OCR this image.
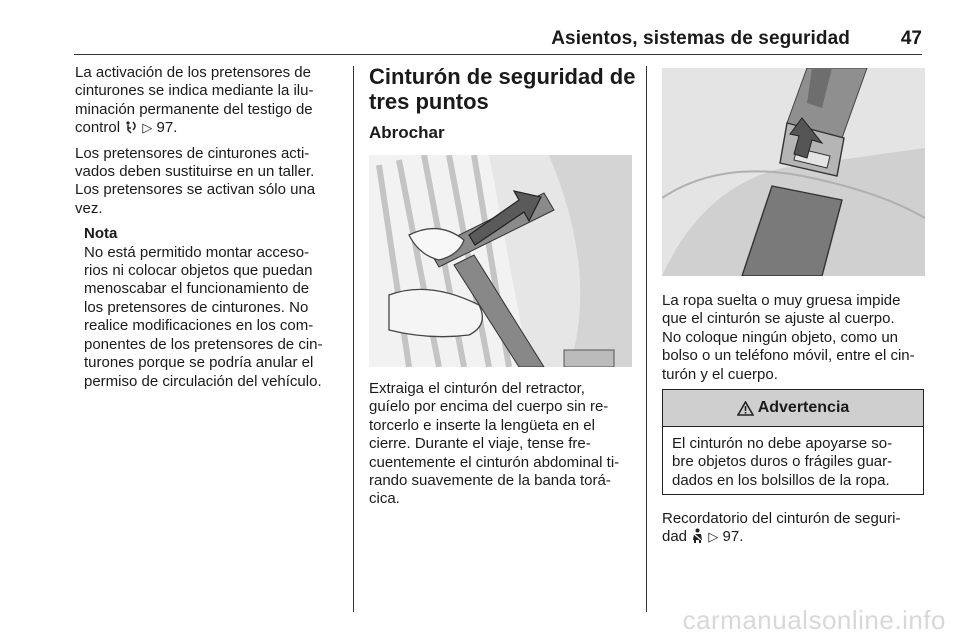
Asientos, sistemas de seguridad	47

La activación de los pretensores de
cinturones se indica mediante la ilu-
minación permanente del testigo de
control ▷ 97.

Los pretensores de cinturones acti-
vados deben sustituirse en un taller.
Los pretensores se activan sólo una
vez.

Nota
No está permitido montar acceso-
rios ni colocar objetos que puedan
menoscabar el funcionamiento de
los pretensores de cinturones. No
realice modificaciones en los com-
ponentes de los pretensores de cin-
turones porque se podría anular el
permiso de circulación del vehículo.
Cinturón de seguridad de
tres puntos
Abrochar

Extraiga el cinturón del retractor,
guíelo por encima del cuerpo sin re-
torcerlo e inserte la lengüeta en el
cierre. Durante el viaje, tense fre-
cuentemente el cinturón abdominal ti-
rando suavemente de la banda torá-
cica.

La ropa suelta o muy gruesa impide
que el cinturón se ajuste al cuerpo.
No coloque ningún objeto, como un
bolso o un teléfono móvil, entre el cin-
turón y el cuerpo.

Advertencia
El cinturón no debe apoyarse so-
bre objetos duros o frágiles guar-
dados en los bolsillos de la ropa.

Recordatorio del cinturón de seguri-
dad ▷ 97.

carmanualsonline.info
